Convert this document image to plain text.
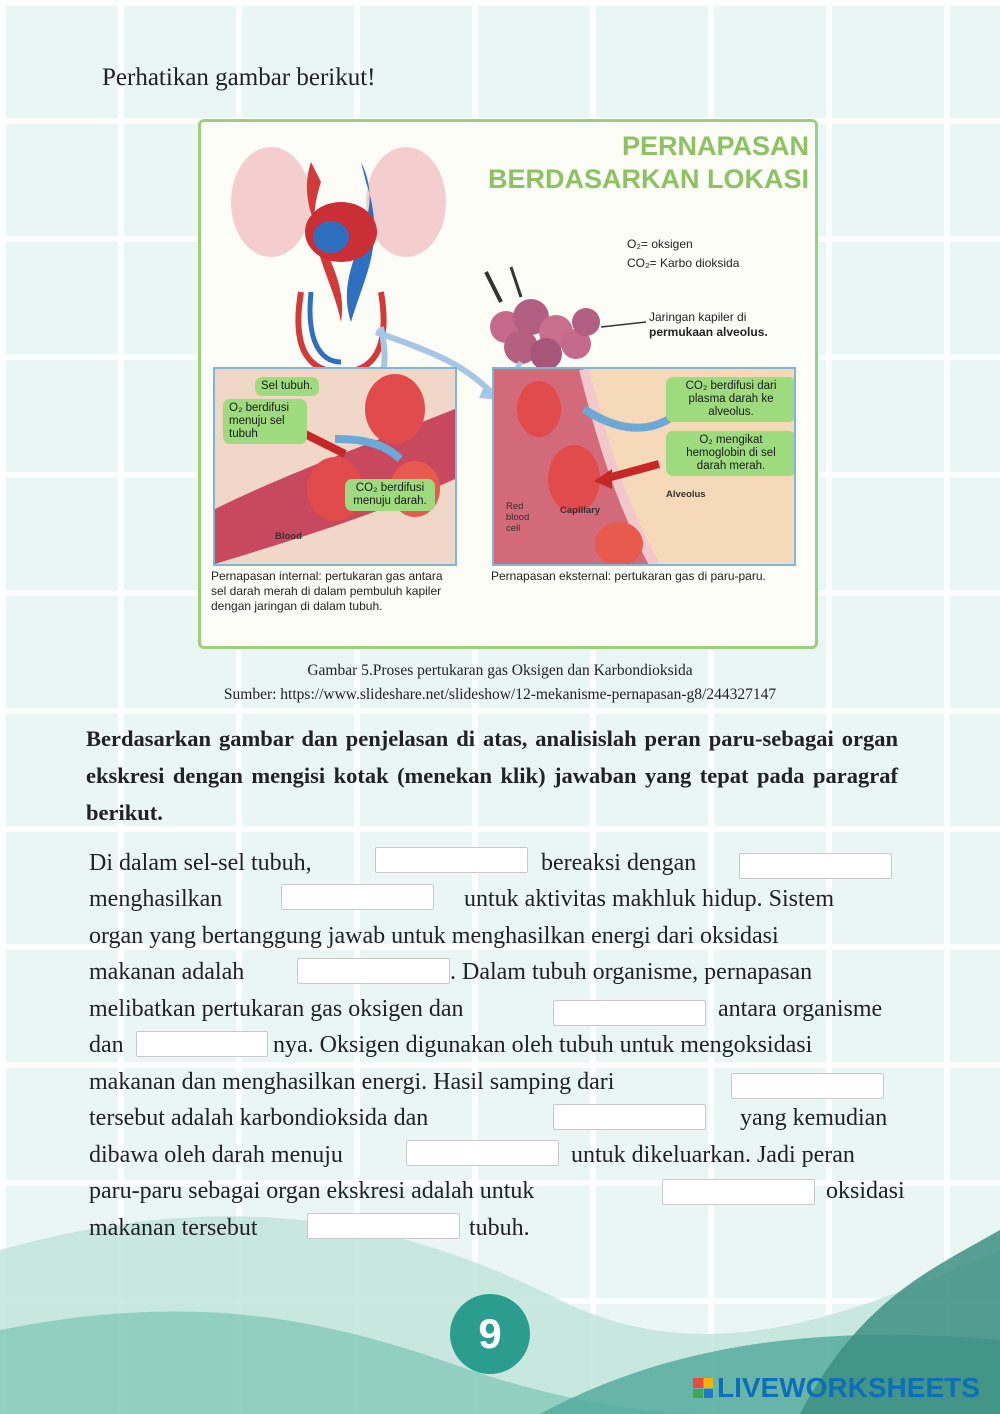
Perhatikan gambar berikut!
PERNAPASAN
BERDASARKAN LOKASI
O₂= oksigen
CO₂= Karbo dioksida
Jaringan kapiler di
permukaan alveolus.
Sel tubuh.
O₂ berdifusi menuju sel tubuh
CO₂ berdifusi menuju darah.
Blood
CO₂ berdifusi dari plasma darah ke alveolus.
O₂ mengikat hemoglobin di sel darah merah.
Alveolus
Red blood cell
Capillary
Pernapasan internal: pertukaran gas antara sel darah merah di dalam pembuluh kapiler dengan jaringan di dalam tubuh.
Pernapasan eksternal: pertukaran gas di paru-paru.
Gambar 5.Proses pertukaran gas Oksigen dan Karbondioksida
Sumber: https://www.slideshare.net/slideshow/12-mekanisme-pernapasan-g8/244327147
Berdasarkan gambar dan penjelasan di atas, analisislah peran paru-sebagai organ ekskresi dengan mengisi kotak (menekan klik) jawaban yang tepat pada paragraf berikut.
Di dalam sel-sel tubuh,	bereaksi dengan
menghasilkan	untuk aktivitas makhluk hidup. Sistem
organ yang bertanggung jawab untuk menghasilkan energi dari oksidasi
makanan adalah	. Dalam tubuh organisme, pernapasan
melibatkan pertukaran gas oksigen dan	antara organisme
dan	nya. Oksigen digunakan oleh tubuh untuk mengoksidasi
makanan dan menghasilkan energi. Hasil samping dari
tersebut adalah karbondioksida dan	yang kemudian
dibawa oleh darah menuju	untuk dikeluarkan. Jadi peran
paru-paru sebagai organ ekskresi adalah untuk	oksidasi
makanan tersebut	tubuh.
9
LIVEWORKSHEETS
